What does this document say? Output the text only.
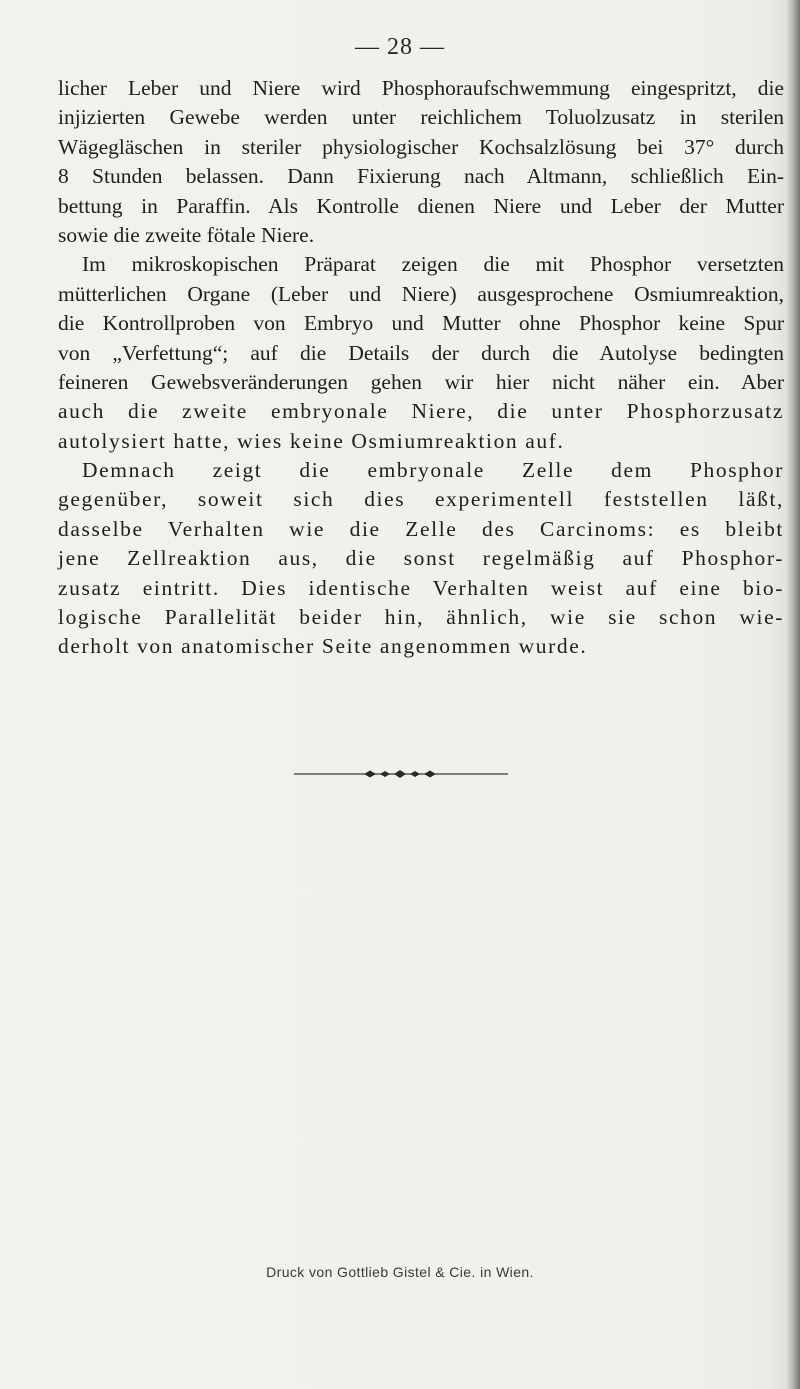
— 28 —
licher Leber und Niere wird Phosphoraufschwemmung eingespritzt, die
injizierten Gewebe werden unter reichlichem Toluolzusatz in sterilen
Wägegläschen in steriler physiologischer Kochsalzlösung bei 37° durch
8 Stunden belassen. Dann Fixierung nach Altmann, schließlich Ein-
bettung in Paraffin. Als Kontrolle dienen Niere und Leber der Mutter
sowie die zweite fötale Niere.
Im mikroskopischen Präparat zeigen die mit Phosphor versetzten
mütterlichen Organe (Leber und Niere) ausgesprochene Osmiumreaktion,
die Kontrollproben von Embryo und Mutter ohne Phosphor keine Spur
von „Verfettung“; auf die Details der durch die Autolyse bedingten
feineren Gewebsveränderungen gehen wir hier nicht näher ein. Aber
auch die zweite embryonale Niere, die unter Phosphorzusatz
autolysiert hatte, wies keine Osmiumreaktion auf.
Demnach zeigt die embryonale Zelle dem Phosphor
gegenüber, soweit sich dies experimentell feststellen läßt,
dasselbe Verhalten wie die Zelle des Carcinoms: es bleibt
jene Zellreaktion aus, die sonst regelmäßig auf Phosphor-
zusatz eintritt. Dies identische Verhalten weist auf eine bio-
logische Parallelität beider hin, ähnlich, wie sie schon wie-
derholt von anatomischer Seite angenommen wurde.
Druck von Gottlieb Gistel & Cie. in Wien.
